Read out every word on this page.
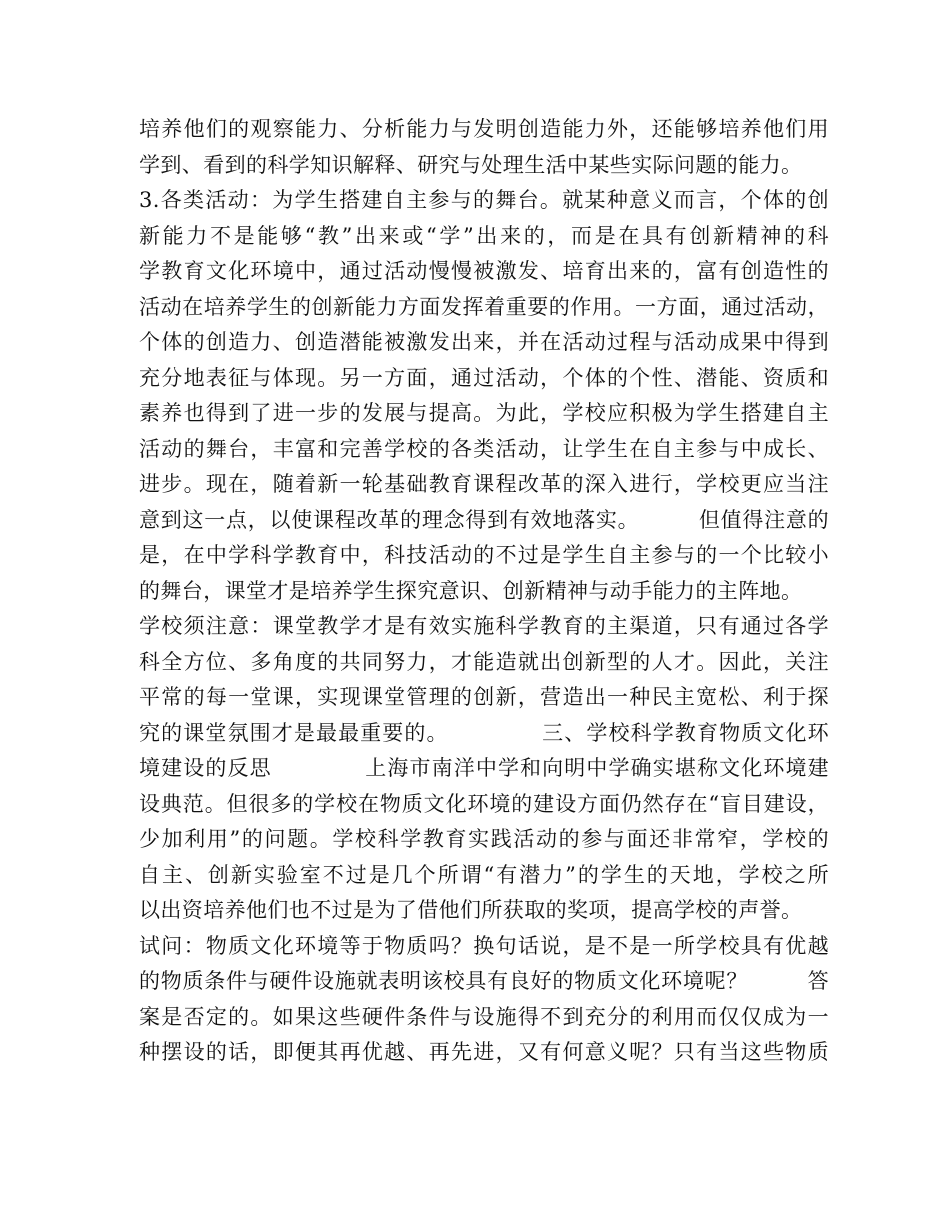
培养他们的观察能力、分析能力与发明创造能力外，还能够培养他们用
学到、看到的科学知识解释、研究与处理生活中某些实际问题的能力。
3.各类活动：为学生搭建自主参与的舞台。就某种意义而言，个体的创
新能力不是能够“教”出来或“学”出来的，而是在具有创新精神的科
学教育文化环境中，通过活动慢慢被激发、培育出来的，富有创造性的
活动在培养学生的创新能力方面发挥着重要的作用。一方面，通过活动，
个体的创造力、创造潜能被激发出来，并在活动过程与活动成果中得到
充分地表征与体现。另一方面，通过活动，个体的个性、潜能、资质和
素养也得到了进一步的发展与提高。为此，学校应积极为学生搭建自主
活动的舞台，丰富和完善学校的各类活动，让学生在自主参与中成长、
进步。现在，随着新一轮基础教育课程改革的深入进行，学校更应当注
意到这一点，以使课程改革的理念得到有效地落实。        但值得注意的
是，在中学科学教育中，科技活动的不过是学生自主参与的一个比较小
的舞台，课堂才是培养学生探究意识、创新精神与动手能力的主阵地。
学校须注意：课堂教学才是有效实施科学教育的主渠道，只有通过各学
科全方位、多角度的共同努力，才能造就出创新型的人才。因此，关注
平常的每一堂课，实现课堂管理的创新，营造出一种民主宽松、利于探
究的课堂氛围才是最最重要的。            三、学校科学教育物质文化环
境建设的反思            上海市南洋中学和向明中学确实堪称文化环境建
设典范。但很多的学校在物质文化环境的建设方面仍然存在“盲目建设，
少加利用”的问题。学校科学教育实践活动的参与面还非常窄，学校的
自主、创新实验室不过是几个所谓“有潜力”的学生的天地，学校之所
以出资培养他们也不过是为了借他们所获取的奖项，提高学校的声誉。
试问：物质文化环境等于物质吗？换句话说，是不是一所学校具有优越
的物质条件与硬件设施就表明该校具有良好的物质文化环境呢？        答
案是否定的。如果这些硬件条件与设施得不到充分的利用而仅仅成为一
种摆设的话，即便其再优越、再先进，又有何意义呢？只有当这些物质
